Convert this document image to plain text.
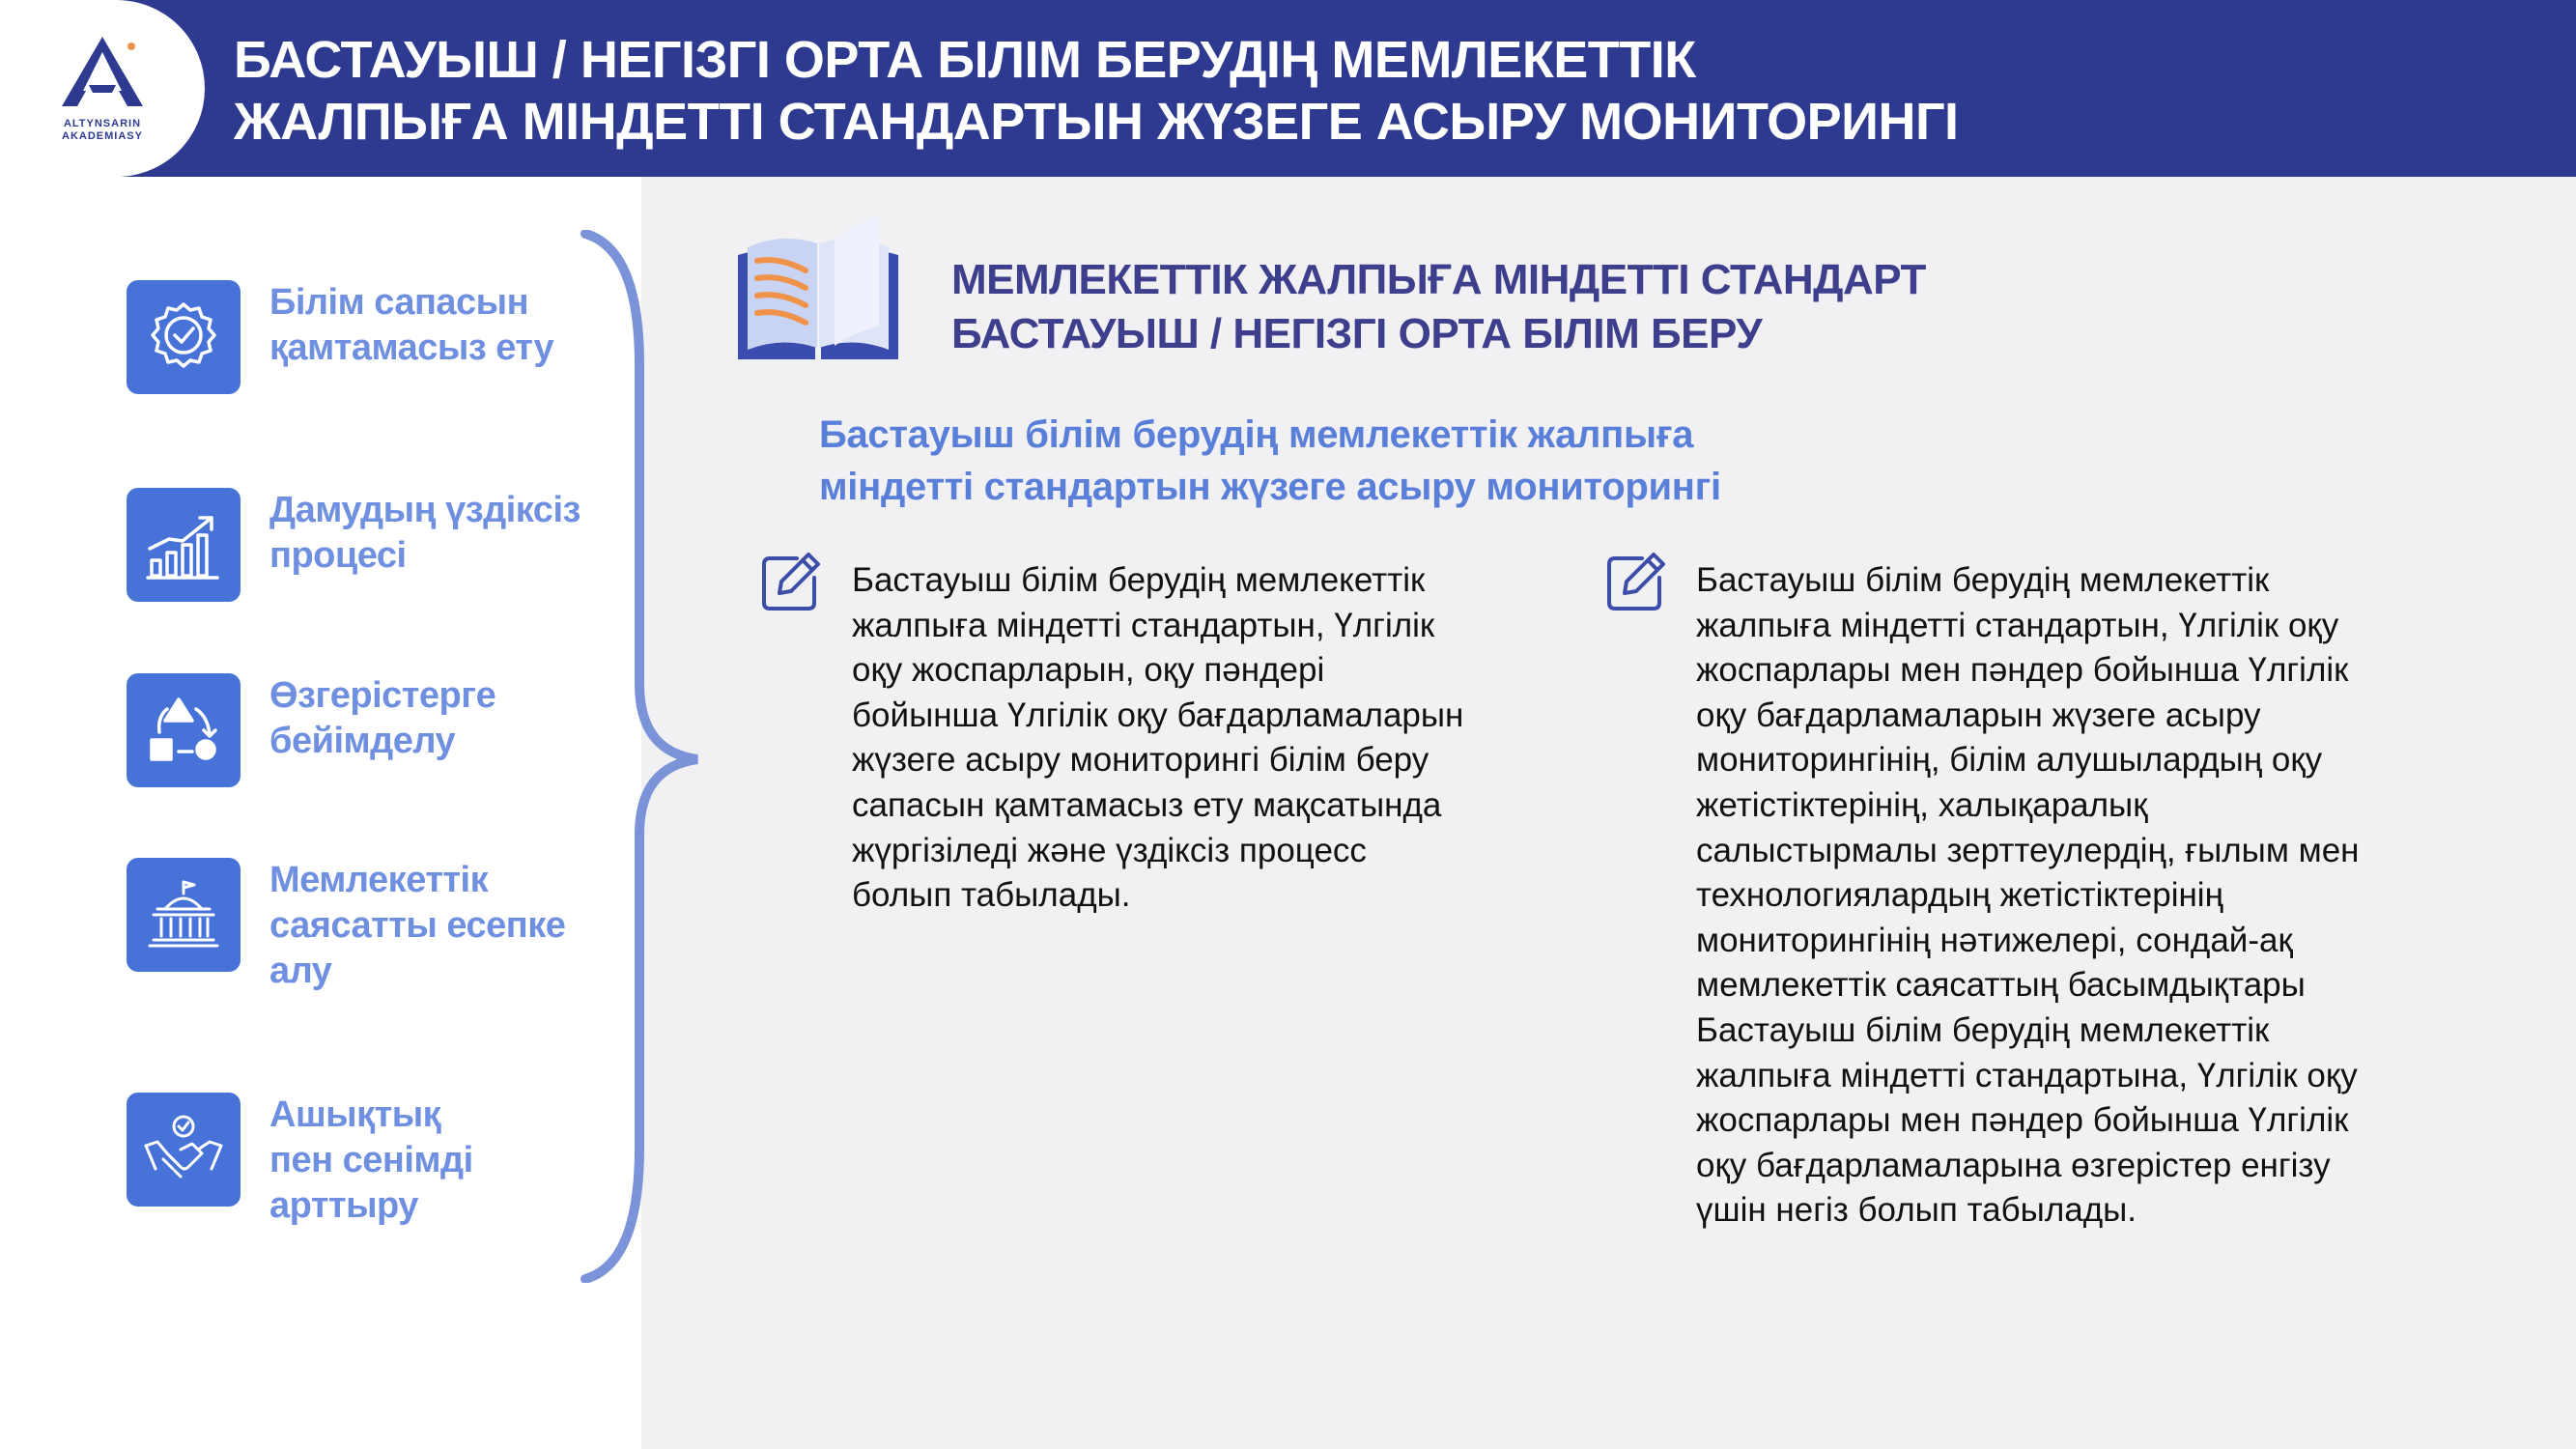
ALTYNSARIN
AKADEMIASY
БАСТАУЫШ / НЕГІЗГІ ОРТА БІЛІМ БЕРУДІҢ МЕМЛЕКЕТТІК
ЖАЛПЫҒА МІНДЕТТІ СТАНДАРТЫН ЖҮЗЕГЕ АСЫРУ МОНИТОРИНГІ
Білім сапасын
қамтамасыз ету
Дамудың үздіксіз
процесі
Өзгерістерге
бейімделу
Мемлекеттік
саясатты есепке
алу
Ашықтық
пен сенімді
арттыру
МЕМЛЕКЕТТІК ЖАЛПЫҒА МІНДЕТТІ СТАНДАРТ
БАСТАУЫШ / НЕГІЗГІ ОРТА БІЛІМ БЕРУ
Бастауыш білім берудің мемлекеттік жалпыға
міндетті стандартын жүзеге асыру мониторингі
Бастауыш білім берудің мемлекеттік
жалпыға міндетті стандартын, Үлгілік
оқу жоспарларын, оқу пәндері
бойынша Үлгілік оқу бағдарламаларын
жүзеге асыру мониторингі білім беру
сапасын қамтамасыз ету мақсатында
жүргізіледі және үздіксіз процесс
болып табылады.
Бастауыш білім берудің мемлекеттік
жалпыға міндетті стандартын, Үлгілік оқу
жоспарлары мен пәндер бойынша Үлгілік
оқу бағдарламаларын жүзеге асыру
мониторингінің, білім алушылардың оқу
жетістіктерінің, халықаралық
салыстырмалы зерттеулердің, ғылым мен
технологиялардың жетістіктерінің
мониторингінің нәтижелері, сондай-ақ
мемлекеттік саясаттың басымдықтары
Бастауыш білім берудің мемлекеттік
жалпыға міндетті стандартына, Үлгілік оқу
жоспарлары мен пәндер бойынша Үлгілік
оқу бағдарламаларына өзгерістер енгізу
үшін негіз болып табылады.
